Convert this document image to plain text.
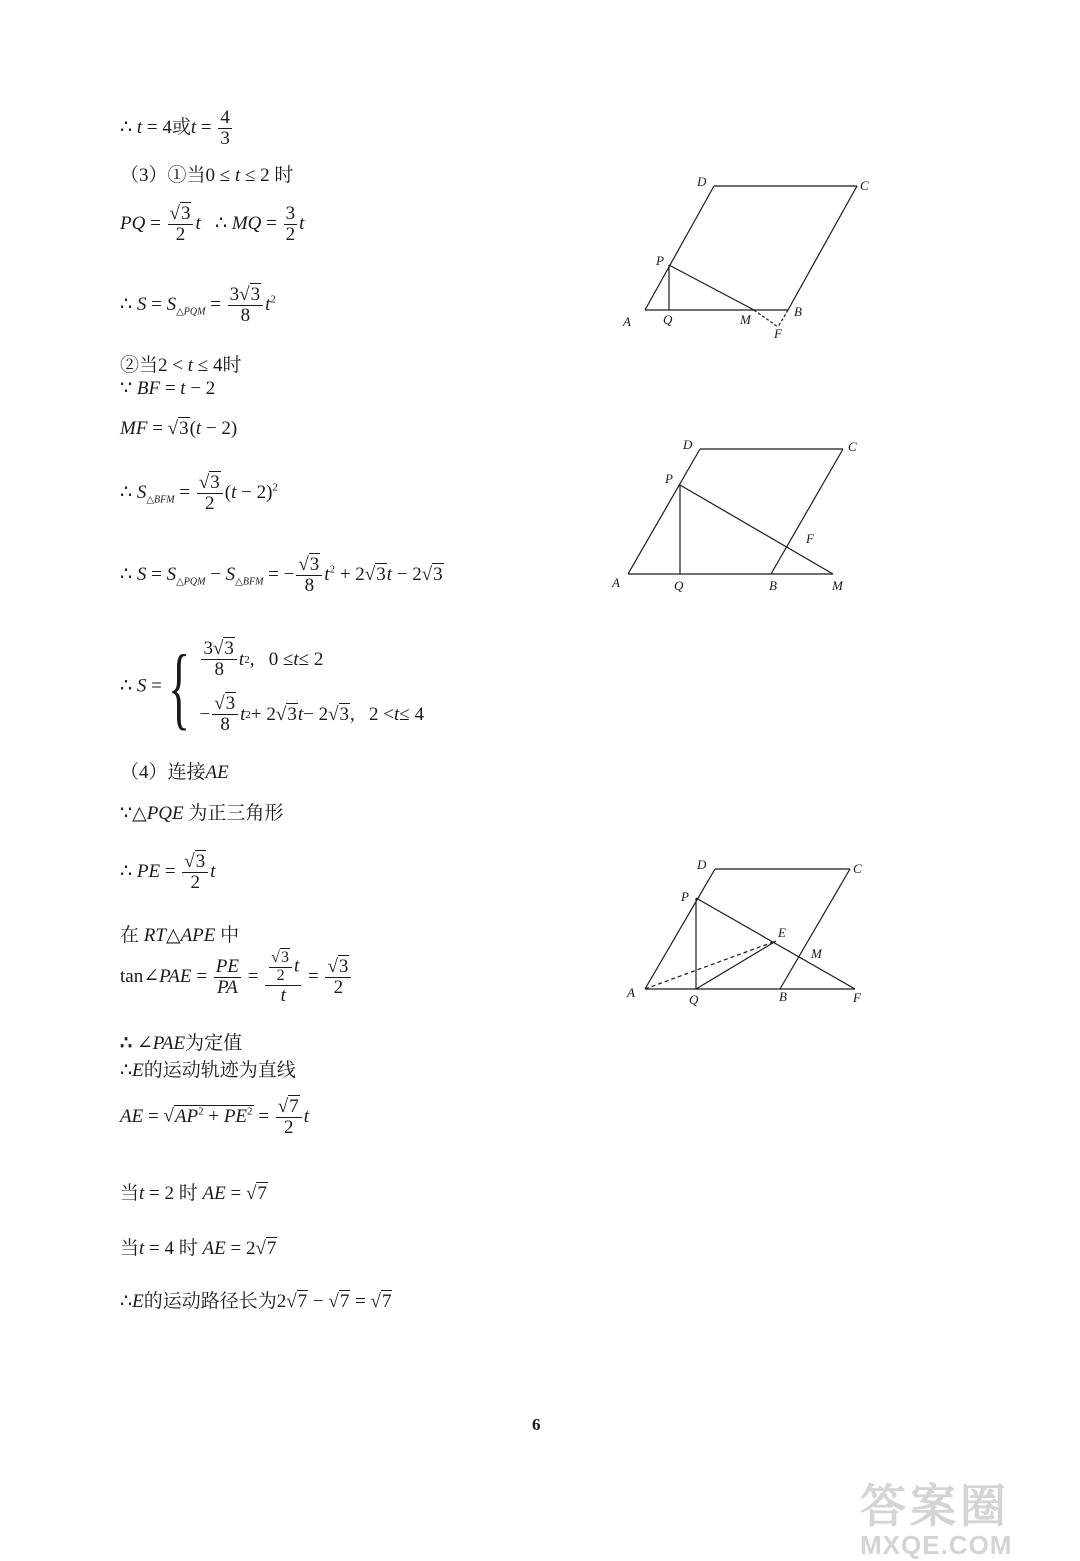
∴ t = 4或$t = \frac{4}{3}$
（3）①当0 ≤ t ≤ 2 时
PQ = $\frac{√3}{2}$ t   ∴ MQ = $\frac{3}{2}$ t
∴ $S = S_{\triangle PQM} = \frac{3√3}{8} t^2$
②当2 < t ≤ 4时
∵ BF = t − 2
MF = √3(t − 2)
∴ $S_{\triangle BFM} = \frac{√3}{2} (t - 2)^2$
∴ $S = S_{\triangle PQM} - S_{\triangle BFM}$ = − $\frac{√3}{8} t^2 + 2√3t - 2√3$
∴ S = { $\frac{3√3}{8}$ t 2 ,   0 ≤ t ≤ 2
− $\frac{√3}{8}$ t 2 + 2 √3 t − 2 √3 ,   2 < t ≤ 4
（4）连接AE
∵△PQE 为正三角形
∴ PE = $\frac{√3}{2}$ t
在 RT△APE 中
tan∠PAE = $\frac{PE}{PA} = \frac{\frac{√3}{2} t}{t} = \frac{√3}{2}$
∴ ∠PAE为定值
∴E的运动轨迹为直线
AE = $√AP^2 + PE^2 = \frac{√7}{2}$ t
当t = 2 时 AE = √7
当t = 4 时 AE = 2√7
∴E的运动路径长为2√7 − √7 = √7
D	C
P
A Q	M
B
F
D	C
P
F
A	Q	B	M
D	C
P
E
M
A	Q	B	F
6
答案圈
MXQE.COM
